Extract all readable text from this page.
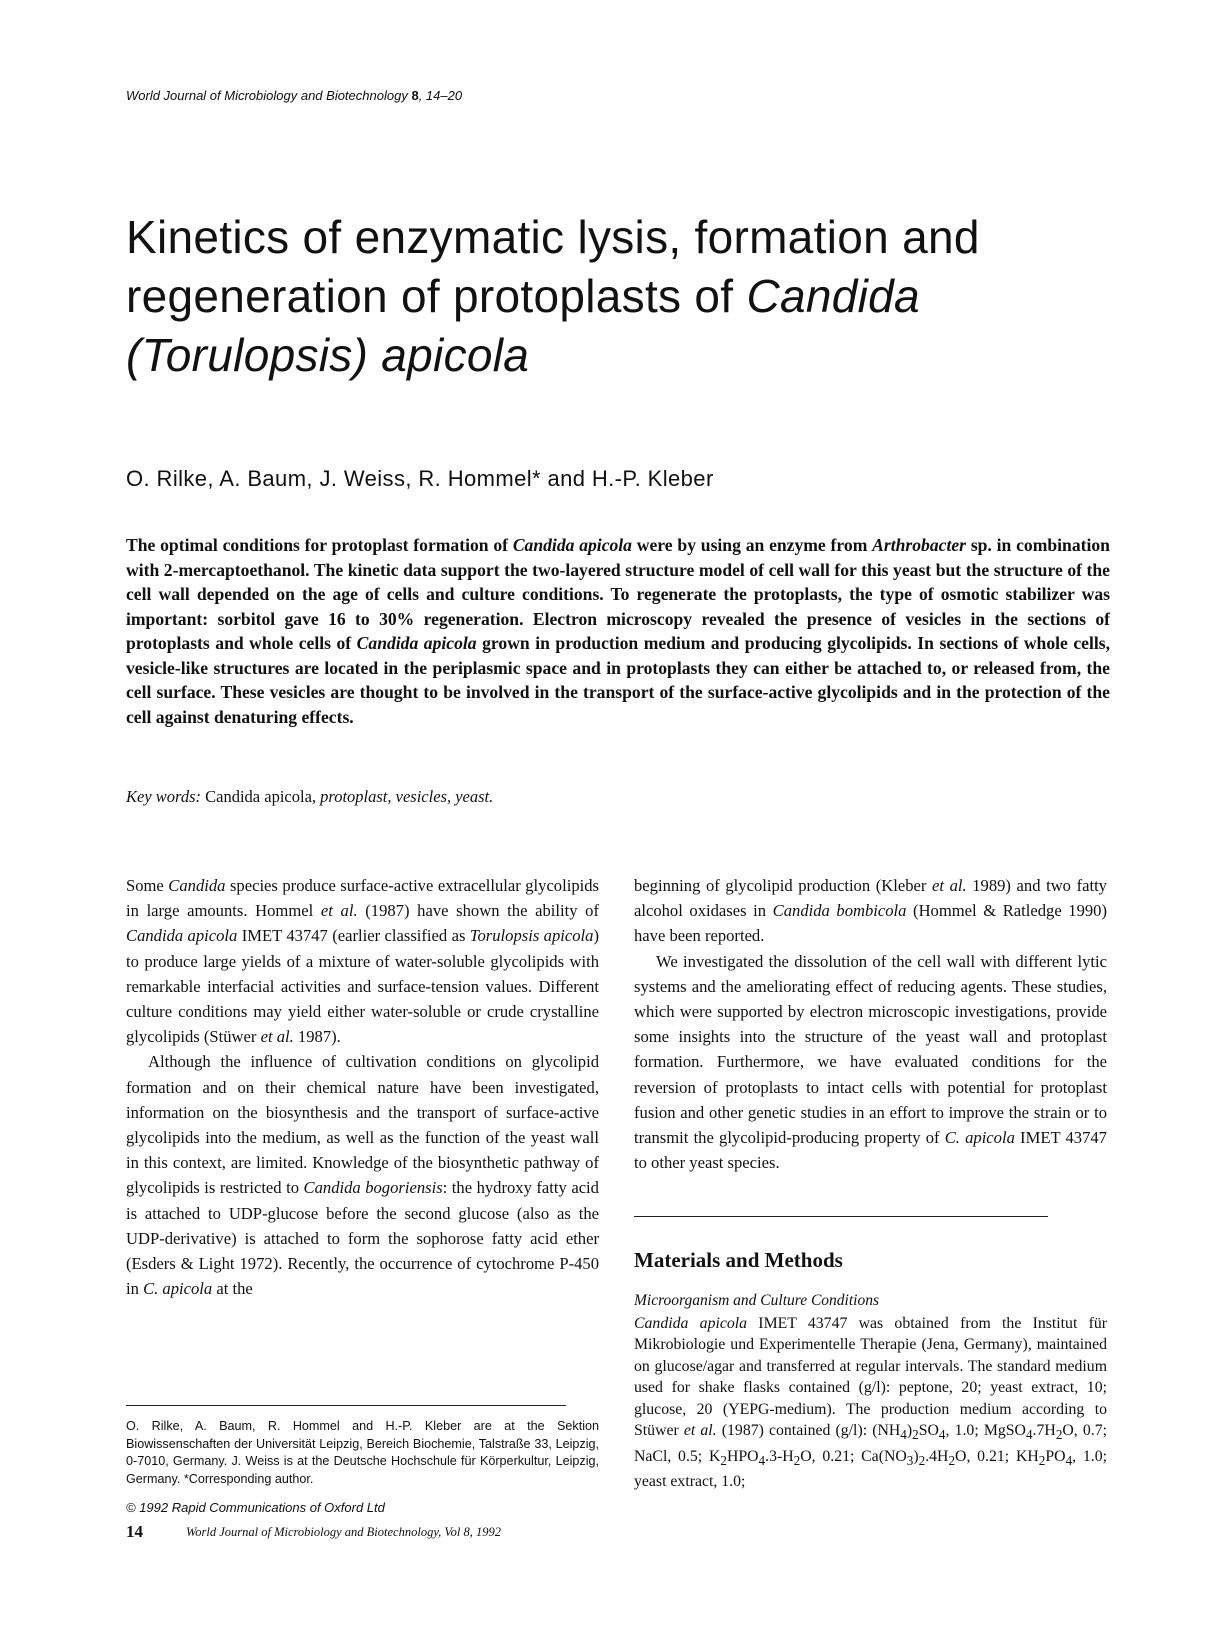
World Journal of Microbiology and Biotechnology 8, 14–20
Kinetics of enzymatic lysis, formation and
regeneration of protoplasts of Candida
(Torulopsis) apicola
O. Rilke, A. Baum, J. Weiss, R. Hommel* and H.-P. Kleber

The optimal conditions for protoplast formation of Candida apicola were by using an enzyme from Arthrobacter sp. in combination with 2-mercaptoethanol. The kinetic data support the two-layered structure model of cell wall for this yeast but the structure of the cell wall depended on the age of cells and culture conditions. To regenerate the protoplasts, the type of osmotic stabilizer was important: sorbitol gave 16 to 30% regeneration. Electron microscopy revealed the presence of vesicles in the sections of protoplasts and whole cells of Candida apicola grown in production medium and producing glycolipids. In sections of whole cells, vesicle-like structures are located in the periplasmic space and in protoplasts they can either be attached to, or released from, the cell surface. These vesicles are thought to be involved in the transport of the surface-active glycolipids and in the protection of the cell against denaturing effects.

Key words: Candida apicola, protoplast, vesicles, yeast.

Some Candida species produce surface-active extracellular glycolipids in large amounts. Hommel et al. (1987) have shown the ability of Candida apicola IMET 43747 (earlier classified as Torulopsis apicola) to produce large yields of a mixture of water-soluble glycolipids with remarkable interfacial activities and surface-tension values. Different culture conditions may yield either water-soluble or crude crystalline glycolipids (Stüwer et al. 1987).

Although the influence of cultivation conditions on glycolipid formation and on their chemical nature have been investigated, information on the biosynthesis and the transport of surface-active glycolipids into the medium, as well as the function of the yeast wall in this context, are limited. Knowledge of the biosynthetic pathway of glycolipids is restricted to Candida bogoriensis: the hydroxy fatty acid is attached to UDP-glucose before the second glucose (also as the UDP-derivative) is attached to form the sophorose fatty acid ether (Esders & Light 1972). Recently, the occurrence of cytochrome P-450 in C. apicola at the

beginning of glycolipid production (Kleber et al. 1989) and two fatty alcohol oxidases in Candida bombicola (Hommel & Ratledge 1990) have been reported.

We investigated the dissolution of the cell wall with different lytic systems and the ameliorating effect of reducing agents. These studies, which were supported by electron microscopic investigations, provide some insights into the structure of the yeast wall and protoplast formation. Furthermore, we have evaluated conditions for the reversion of protoplasts to intact cells with potential for protoplast fusion and other genetic studies in an effort to improve the strain or to transmit the glycolipid-producing property of C. apicola IMET 43747 to other yeast species.

Materials and Methods
Microorganism and Culture Conditions

Candida apicola IMET 43747 was obtained from the Institut für Mikrobiologie und Experimentelle Therapie (Jena, Germany), maintained on glucose/agar and transferred at regular intervals. The standard medium used for shake flasks contained (g/l): peptone, 20; yeast extract, 10; glucose, 20 (YEPG-medium). The production medium according to Stüwer et al. (1987) contained (g/l): $(NH_4)_2SO_4$, 1.0; $MgSO_4.7H_2O$, 0.7; NaCl, 0.5; $K_2HPO_4.3-H_2O$, 0.21; $Ca(NO_3)_2.4H_2O$, 0.21; $KH_2PO_4$, 1.0; yeast extract, 1.0;

O. Rilke, A. Baum, R. Hommel and H.-P. Kleber are at the Sektion Biowissenschaften der Universität Leipzig, Bereich Biochemie, Talstraße 33, Leipzig, 0-7010, Germany. J. Weiss is at the Deutsche Hochschule für Körperkultur, Leipzig, Germany. *Corresponding author.

© 1992 Rapid Communications of Oxford Ltd
14	World Journal of Microbiology and Biotechnology, Vol 8, 1992
